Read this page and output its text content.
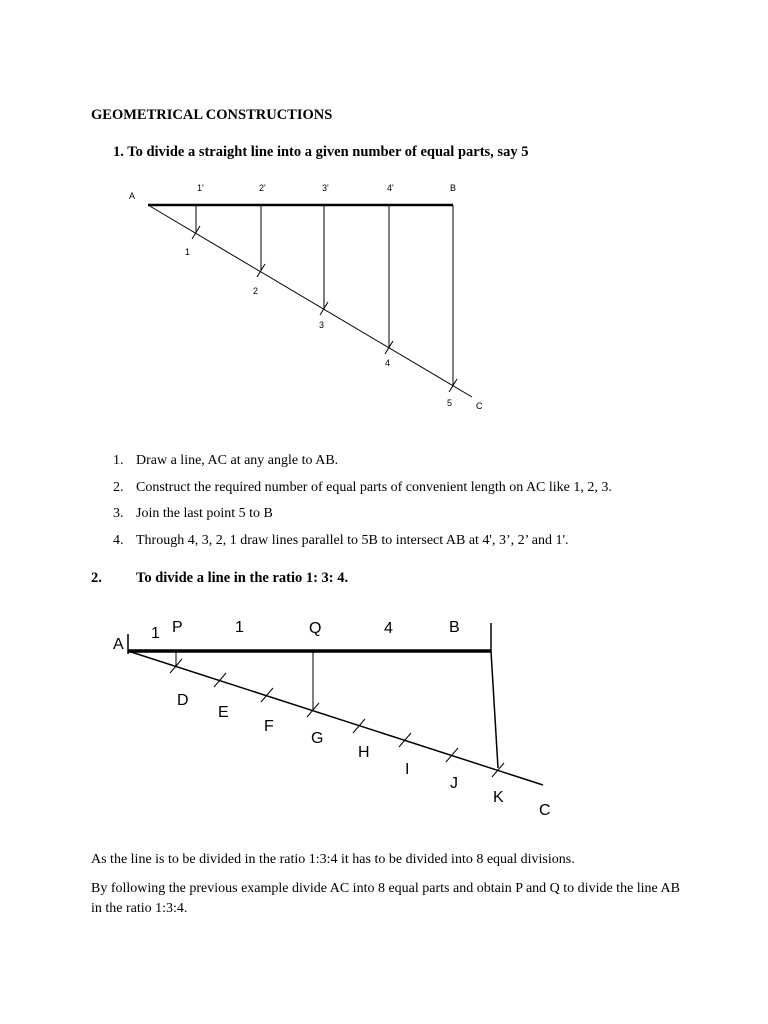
GEOMETRICAL CONSTRUCTIONS
1. To divide a straight line into a given number of equal parts, say 5
A
1'	2'	3'	4'	B
1
2
3
4
5	C
1. Draw a line, AC at any angle to AB.
2. Construct the required number of equal parts of convenient length on AC like 1, 2, 3.
3. Join the last point 5 to B
4. Through 4, 3, 2, 1 draw lines parallel to 5B to intersect AB at 4', 3’, 2’ and 1'.
2. To divide a line in the ratio 1: 3: 4.
A
1 P	1	Q	4	B
D
E
F
G
H
I
J
K
C

As the line is to be divided in the ratio 1:3:4 it has to be divided into 8 equal divisions.

By following the previous example divide AC into 8 equal parts and obtain P and Q to divide the line AB in the ratio 1:3:4.
